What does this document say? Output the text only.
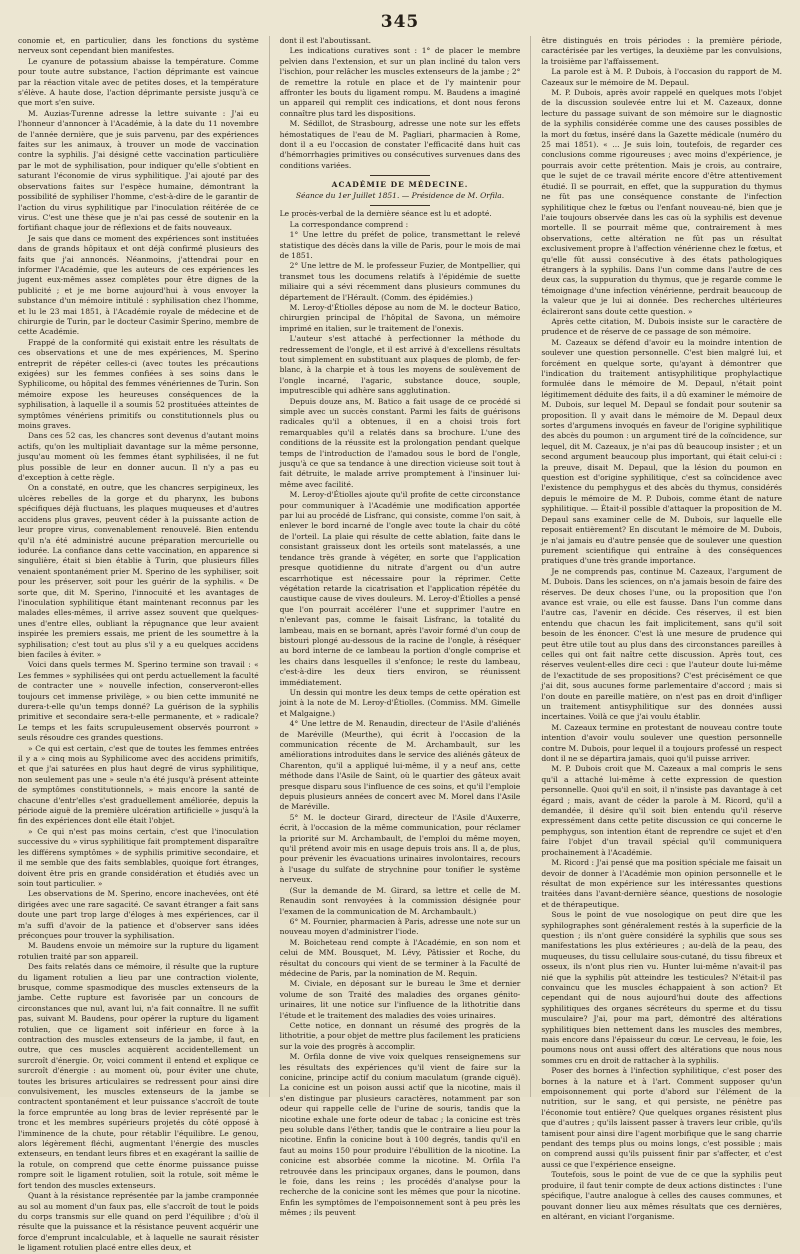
345

conomie et, en particulier, dans les fonctions du système nerveux sont cependant bien manifestes.

Le cyanure de potassium abaisse la température. Comme pour toute autre substance, l'action déprimante est vaincue par la réaction vitale avec de petites doses, et la température s'élève. A haute dose, l'action déprimante persiste jusqu'à ce que mort s'en suive.

M. Auzias-Turenne adresse la lettre suivante : J'ai eu l'honneur d'annoncer à l'Académie, à la date du 11 novembre de l'année dernière, que je suis parvenu, par des expériences faites sur les animaux, à trouver un mode de vaccination contre la syphilis. J'ai désigné cette vaccination particulière par le mot de syphilisation, pour indiquer qu'elle s'obtient en saturant l'économie de virus syphilitique. J'ai ajouté par des observations faites sur l'espèce humaine, démontrant la possibilité de syphiliser l'homme, c'est-à-dire de le garantir de l'action du virus syphilitique par l'inoculation réitérée de ce virus. C'est une thèse que je n'ai pas cessé de soutenir en la fortifiant chaque jour de réflexions et de faits nouveaux.

Je sais que dans ce moment des expériences sont instituées dans de grands hôpitaux et ont déjà confirmé plusieurs des faits que j'ai annoncés. Néanmoins, j'attendrai pour en informer l'Académie, que les auteurs de ces expériences les jugent eux-mêmes assez complètes pour être dignes de la publicité ; et je me borne aujourd'hui à vous envoyer la substance d'un mémoire intitulé : syphilisation chez l'homme, et lu le 23 mai 1851, à l'Académie royale de médecine et de chirurgie de Turin, par le docteur Casimir Sperino, membre de cette Académie.

Frappé de la conformité qui existait entre les résultats de ces observations et une de mes expériences, M. Sperino entreprit de répéter celles-ci (avec toutes les précautions exigées) sur les femmes confiées à ses soins dans le Syphilicome, ou hôpital des femmes vénériennes de Turin. Son mémoire expose les heureuses conséquences de la syphilisation, à laquelle il a soumis 52 prostituées atteintes de symptômes vénériens primitifs ou constitutionnels plus ou moins graves.

Dans ces 52 cas, les chancres sont devenus d'autant moins actifs, qu'on les multipliait davantage sur la même personne, jusqu'au moment où les femmes étant syphilisées, il ne fut plus possible de leur en donner aucun. Il n'y a pas eu d'exception à cette règle.

On a constaté, en outre, que les chancres serpigineux, les ulcères rebelles de la gorge et du pharynx, les bubons spécifiques déjà fluctuans, les plaques muqueuses et d'autres accidens plus graves, peuvent céder à la puissante action de leur propre virus, convenablement renouvelé. Bien entendu qu'il n'a été administré aucune préparation mercurielle ou iodurée. La confiance dans cette vaccination, en apparence si singulière, était si bien établie à Turin, que plusieurs filles venaient spontanément prier M. Sperino de les syphiliser, soit pour les préserver, soit pour les guérir de la syphilis. « De sorte que, dit M. Sperino, l'innocuité et les avantages de l'inoculation syphilitique étant maintenant reconnus par les malades elles-mêmes, il arrive assez souvent que quelques-unes d'entre elles, oubliant la répugnance que leur avaient inspirée les premiers essais, me prient de les soumettre à la syphilisation; c'est tout au plus s'il y a eu quelques accidens bien faciles à éviter. »

Voici dans quels termes M. Sperino termine son travail : « Les femmes » syphilisées qui ont perdu actuellement la faculté de contracter une » nouvelle infection, conserveront-elles toujours cet immense privilège, » ou bien cette immunité ne durera-t-elle qu'un temps donné? La guérison de la syphilis primitive et secondaire sera-t-elle permanente, et » radicale? Le temps et les faits scrupuleusement observés pourront » seuls résoudre ces grandes questions.

» Ce qui est certain, c'est que de toutes les femmes entrées il y a » cinq mois au Syphilicome avec des accidens primitifs, et que j'ai saturées en plus haut degré de virus syphilitique, non seulement pas une » seule n'a été jusqu'à présent atteinte de symptômes constitutionnels, » mais encore la santé de chacune d'entr'elles s'est graduellement améliorée, depuis la période aiguë de la première ulcération artificielle » jusqu'à la fin des expériences dont elle était l'objet.

» Ce qui n'est pas moins certain, c'est que l'inoculation successive du » virus syphilitique fait promptement disparaître les différens symptômes » de syphilis primitive secondaire, et il me semble que des faits semblables, quoique fort étranges, doivent être pris en grande considération et étudiés avec un soin tout particulier. »

Les observations de M. Sperino, encore inachevées, ont été dirigées avec une rare sagacité. Ce savant étranger a fait sans doute une part trop large d'éloges à mes expériences, car il m'a suffi d'avoir de la patience et d'observer sans idées préconçues pour trouver la syphilisation.

M. Baudens envoie un mémoire sur la rupture du ligament rotulien traité par son appareil.

Des faits relatés dans ce mémoire, il résulte que la rupture du ligament rotulien a lieu par une contraction violente, brusque, comme spasmodique des muscles extenseurs de la jambe. Cette rupture est favorisée par un concours de circonstances que nul, avant lui, n'a fait connaître. Il ne suffit pas, suivant M. Baudens, pour opérer la rupture du ligament rotulien, que ce ligament soit inférieur en force à la contraction des muscles extenseurs de la jambe, il faut, en outre, que ces muscles acquièrent accidentellement un surcroît d'énergie. Or, voici comment il entend et explique ce surcroît d'énergie : au moment où, pour éviter une chute, toutes les brisures articulaires se redressent pour ainsi dire convulsivement, les muscles extenseurs de la jambe se contractent spontanément et leur puissance s'accroît de toute la force empruntée au long bras de levier représenté par le tronc et les membres supérieurs projetés du côté opposé à l'imminence de la chute, pour rétablir l'équilibre. Le genou, alors légèrement fléchi, augmentant l'énergie des muscles extenseurs, en tendant leurs fibres et en exagérant la saillie de la rotule, on comprend que cette énorme puissance puisse rompre soit le ligament rotulien, soit la rotule, soit même le fort tendon des muscles extenseurs.

Quant à la résistance représentée par la jambe cramponnée au sol au moment d'un faux pas, elle s'accroît de tout le poids du corps transmis sur elle quand on perd l'équilibre ; d'où il résulte que la puissance et la résistance peuvent acquérir une force d'emprunt incalculable, et à laquelle ne saurait résister le ligament rotulien placé entre elles deux, et

dont il est l'aboutissant.

Les indications curatives sont : 1° de placer le membre pelvien dans l'extension, et sur un plan incliné du talon vers l'ischion, pour relâcher les muscles extenseurs de la jambe ; 2° de remettre la rotule en place et de l'y maintenir pour affronter les bouts du ligament rompu. M. Baudens a imaginé un appareil qui remplit ces indications, et dont nous ferons connaître plus tard les dispositions.

M. Sédillot, de Strasbourg, adresse une note sur les effets hémostatiques de l'eau de M. Pagliari, pharmacien à Rome, dont il a eu l'occasion de constater l'efficacité dans huit cas d'hémorrhagies primitives ou consécutives survenues dans des conditions variées.

ACADÉMIE DE MÉDECINE.
Séance du 1er Juillet 1851. — Présidence de M. Orfila.

Le procès-verbal de la dernière séance est lu et adopté.

La correspondance comprend :

1° Une lettre du préfet de police, transmettant le relevé statistique des décès dans la ville de Paris, pour le mois de mai de 1851.

2° Une lettre de M. le professeur Fuzier, de Montpellier, qui transmet tous les documens relatifs à l'épidémie de suette miliaire qui a sévi récemment dans plusieurs communes du département de l'Hérault. (Comm. des épidémies.)

M. Leroy-d'Étiolles dépose au nom de M. le docteur Batico, chirurgien principal de l'hôpital de Savona, un mémoire imprimé en italien, sur le traitement de l'onexis.

L'auteur s'est attaché à perfectionner la méthode du redressement de l'ongle, et il est arrivé à d'excellens résultats tout simplement en substituant aux plaques de plomb, de fer-blanc, à la charpie et à tous les moyens de soulèvement de l'ongle incarné, l'agaric, substance douce, souple, imputrescible qui adhère sans agglutination.

Depuis douze ans, M. Batico a fait usage de ce procédé si simple avec un succès constant. Parmi les faits de guérisons radicales qu'il a obtenues, il en a choisi trois fort remarquables qu'il a relatés dans sa brochure. L'une des conditions de la réussite est la prolongation pendant quelque temps de l'introduction de l'amadou sous le bord de l'ongle, jusqu'à ce que sa tendance à une direction vicieuse soit tout à fait détruite, le malade arrive promptement à l'insinuer lui-même avec facilité.

M. Leroy-d'Étiolles ajoute qu'il profite de cette circonstance pour communiquer à l'Académie une modification apportée par lui au procédé de Lisfranc, qui consiste, comme l'on sait, à enlever le bord incarné de l'ongle avec toute la chair du côté de l'orteil. La plaie qui résulte de cette ablation, faite dans le consistant graisseux dont les orteils sont matelassés, a une tendance très grande à végéter, en sorte que l'application presque quotidienne du nitrate d'argent ou d'un autre escarrhotique est nécessaire pour la réprimer. Cette végétation retarde la cicatrisation et l'application répétée du caustique cause de vives douleurs. M. Leroy-d'Étiolles a pensé que l'on pourrait accélérer l'une et supprimer l'autre en n'enlevant pas, comme le faisait Lisfranc, la totalité du lambeau, mais en se bornant, après l'avoir formé d'un coup de bistouri plongé au-dessous de la racine de l'ongle, à réséquer au bord interne de ce lambeau la portion d'ongle comprise et les chairs dans lesquelles il s'enfonce; le reste du lambeau, c'est-à-dire les deux tiers environ, se réunissent immédiatement.

Un dessin qui montre les deux temps de cette opération est joint à la note de M. Leroy-d'Étiolles. (Commiss. MM. Gimelle et Malgaigne.)

4° Une lettre de M. Renaudin, directeur de l'Asile d'aliénés de Maréville (Meurthe), qui écrit à l'occasion de la communication récente de M. Archambault, sur les améliorations introduites dans le service des aliénés gâteux de Charenton, qu'il a appliqué lui-même, il y a neuf ans, cette méthode dans l'Asile de Saint, où le quartier des gâteux avait presque disparu sous l'influence de ces soins, et qu'il l'emploie depuis plusieurs années de concert avec M. Morel dans l'Asile de Maréville.

5° M. le docteur Girard, directeur de l'Asile d'Auxerre, écrit, à l'occasion de la même communication, pour réclamer la priorité sur M. Archambault, de l'emploi du même moyen, qu'il prétend avoir mis en usage depuis trois ans. Il a, de plus, pour prévenir les évacuations urinaires involontaires, recours à l'usage du sulfate de strychnine pour tonifier le système nerveux.

(Sur la demande de M. Girard, sa lettre et celle de M. Renaudin sont renvoyées à la commission désignée pour l'examen de la communication de M. Archambault.)

6° M. Fournier, pharmacien à Paris, adresse une note sur un nouveau moyen d'administrer l'iode.

M. Boicheteau rend compte à l'Académie, en son nom et celui de MM. Bousquet, M. Lévy, Pâtissier et Roche, du résultat du concours qui vient de se terminer à la Faculté de médecine de Paris, par la nomination de M. Requin.

M. Civiale, en déposant sur le bureau le 3me et dernier volume de son Traité des maladies des organes génito-urinaires, lit une notice sur l'influence de la lithotritie dans l'étude et le traitement des maladies des voies urinaires.

Cette notice, en donnant un résumé des progrès de la lithotritie, a pour objet de mettre plus facilement les praticiens sur la voie des progrès à accomplir.

M. Orfila donne de vive voix quelques renseignemens sur les résultats des expériences qu'il vient de faire sur la conicine, principe actif du conium maculatum (grande ciguë). La conicine est un poison aussi actif que la nicotine, mais il s'en distingue par plusieurs caractères, notamment par son odeur qui rappelle celle de l'urine de souris, tandis que la nicotine exhale une forte odeur de tabac ; la conicine est très peu soluble dans l'éther, tandis que le contraire a lieu pour la nicotine. Enfin la conicine bout à 100 degrés, tandis qu'il en faut au moins 150 pour produire l'ébullition de la nicotine. La conicine est absorbée comme la nicotine. M. Orfila l'a retrouvée dans les principaux organes, dans le poumon, dans le foie, dans les reins ; les procédés d'analyse pour la recherche de la conicine sont les mêmes que pour la nicotine. Enfin les symptômes de l'empoisonnement sont à peu près les mêmes ; ils peuvent

être distingués en trois périodes : la première période, caractérisée par les vertiges, la deuxième par les convulsions, la troisième par l'affaissement.

La parole est à M. P. Dubois, à l'occasion du rapport de M. Cazeaux sur le mémoire de M. Depaul.

M. P. Dubois, après avoir rappelé en quelques mots l'objet de la discussion soulevée entre lui et M. Cazeaux, donne lecture du passage suivant de son mémoire sur le diagnostic de la syphilis considérée comme une des causes possibles de la mort du fœtus, inséré dans la Gazette médicale (numéro du 25 mai 1851). « ... Je suis loin, toutefois, de regarder ces conclusions comme rigoureuses ; avec moins d'expérience, je pourrais avoir cette prétention. Mais je crois, au contraire, que le sujet de ce travail mérite encore d'être attentivement étudié. Il se pourrait, en effet, que la suppuration du thymus ne fût pas une conséquence constante de l'infection syphilitique chez le fœtus ou l'enfant nouveau-né, bien que je l'aie toujours observée dans les cas où la syphilis est devenue mortelle. Il se pourrait même que, contrairement à mes observations, cette altération ne fût pas un résultat exclusivement propre à l'affection vénérienne chez le fœtus, et qu'elle fût aussi consécutive à des états pathologiques étrangers à la syphilis. Dans l'un comme dans l'autre de ces deux cas, la suppuration du thymus, que je regarde comme le témoignage d'une infection vénérienne, perdrait beaucoup de la valeur que je lui ai donnée. Des recherches ultérieures éclaireront sans doute cette question. »

Après cette citation, M. Dubois insiste sur le caractère de prudence et de réserve de ce passage de son mémoire.

M. Cazeaux se défend d'avoir eu la moindre intention de soulever une question personnelle. C'est bien malgré lui, et forcément en quelque sorte, qu'ayant à démontrer que l'indication du traitement antisyphilitique prophylactique formulée dans le mémoire de M. Depaul, n'était point légitimement déduite des faits, il a dû examiner le mémoire de M. Dubois, sur lequel M. Depaul se fondait pour soutenir sa proposition. Il y avait dans le mémoire de M. Depaul deux sortes d'argumens invoqués en faveur de l'origine syphilitique des abcès du poumon : un argument tiré de la coïncidence, sur lequel, dit M. Cazeaux, je n'ai pas dû beaucoup insister ; et un second argument beaucoup plus important, qui était celui-ci : la preuve, disait M. Depaul, que la lésion du poumon en question est d'origine syphilitique, c'est sa coïncidence avec l'existence du pemphygus et des abcès du thymus, considérés depuis le mémoire de M. P. Dubois, comme étant de nature syphilitique. — Était-il possible d'attaquer la proposition de M. Depaul sans examiner celle de M. Dubois, sur laquelle elle reposait entièrement? En discutant le mémoire de M. Dubois, je n'ai jamais eu d'autre pensée que de soulever une question purement scientifique qui entraîne à des conséquences pratiques d'une très grande importance.

Je ne comprends pas, continue M. Cazeaux, l'argument de M. Dubois. Dans les sciences, on n'a jamais besoin de faire des réserves. De deux choses l'une, ou la proposition que l'on avance est vraie, ou elle est fausse. Dans l'un comme dans l'autre cas, l'avenir en décide. Ces réserves, il est bien entendu que chacun les fait implicitement, sans qu'il soit besoin de les énoncer. C'est là une mesure de prudence qui peut être utile tout au plus dans des circonstances pareilles à celles qui ont fait naître cette discussion. Après tout, ces réserves veulent-elles dire ceci : que l'auteur doute lui-même de l'exactitude de ses propositions? C'est précisément ce que j'ai dit, sous aucunes forme parlementaire d'accord ; mais si l'on doute en pareille matière, on n'est pas en droit d'infliger un traitement antisyphilitique sur des données aussi incertaines. Voilà ce que j'ai voulu établir.

M. Cazeaux termine en protestant de nouveau contre toute intention d'avoir voulu soulever une question personnelle contre M. Dubois, pour lequel il a toujours professé un respect dont il ne se départira jamais, quoi qu'il puisse arriver.

M. P. Dubois croit que M. Cazeaux a mal compris le sens qu'il a attaché lui-même à cette expression de question personnelle. Quoi qu'il en soit, il n'insiste pas davantage à cet égard ; mais, avant de céder la parole à M. Ricord, qu'il a demandée, il désire qu'il soit bien entendu qu'il réserve expressément dans cette petite discussion ce qui concerne le pemphygus, son intention étant de reprendre ce sujet et d'en faire l'objet d'un travail spécial qu'il communiquera prochainement à l'Académie.

M. Ricord : J'ai pensé que ma position spéciale me faisait un devoir de donner à l'Académie mon opinion personnelle et le résultat de mon expérience sur les intéressantes questions traitées dans l'avant-dernière séance, questions de nosologie et de thérapeutique.

Sous le point de vue nosologique on peut dire que les syphilographes sont généralement restés à la superficie de la question ; ils n'ont guère considéré la syphilis que sous ses manifestations les plus extérieures ; au-delà de la peau, des muqueuses, du tissu cellulaire sous-cutané, du tissu fibreux et osseux, ils n'ont plus rien vu. Hunter lui-même n'avait-il pas nié que la syphilis pût atteindre les testicules? N'était-il pas convaincu que les muscles échappaient à son action? Et cependant qui de nous aujourd'hui doute des affections syphilitiques des organes sécréteurs du sperme et du tissu musculaire? J'ai, pour ma part, démontré des altérations syphilitiques bien nettement dans les muscles des membres, mais encore dans l'épaisseur du cœur. Le cerveau, le foie, les poumons nous ont aussi offert des altérations que nous nous sommes cru en droit de rattacher à la syphilis.

Poser des bornes à l'infection syphilitique, c'est poser des bornes à la nature et à l'art. Comment supposer qu'un empoisonnement qui porte d'abord sur l'élément de la nutrition, sur le sang, et qui persiste, ne pénètre pas l'économie tout entière? Que quelques organes résistent plus que d'autres ; qu'ils laissent passer à travers leur crible, qu'ils tamisent pour ainsi dire l'agent morbifique que le sang charrie pendant des temps plus ou moins longs, c'est possible ; mais on comprend aussi qu'ils puissent finir par s'affecter, et c'est aussi ce que l'expérience enseigne.

Toutefois, sous le point de vue de ce que la syphilis peut produire, il faut tenir compte de deux actions distinctes : l'une spécifique, l'autre analogue à celles des causes communes, et pouvant donner lieu aux mêmes résultats que ces dernières, en altérant, en viciant l'organisme.
